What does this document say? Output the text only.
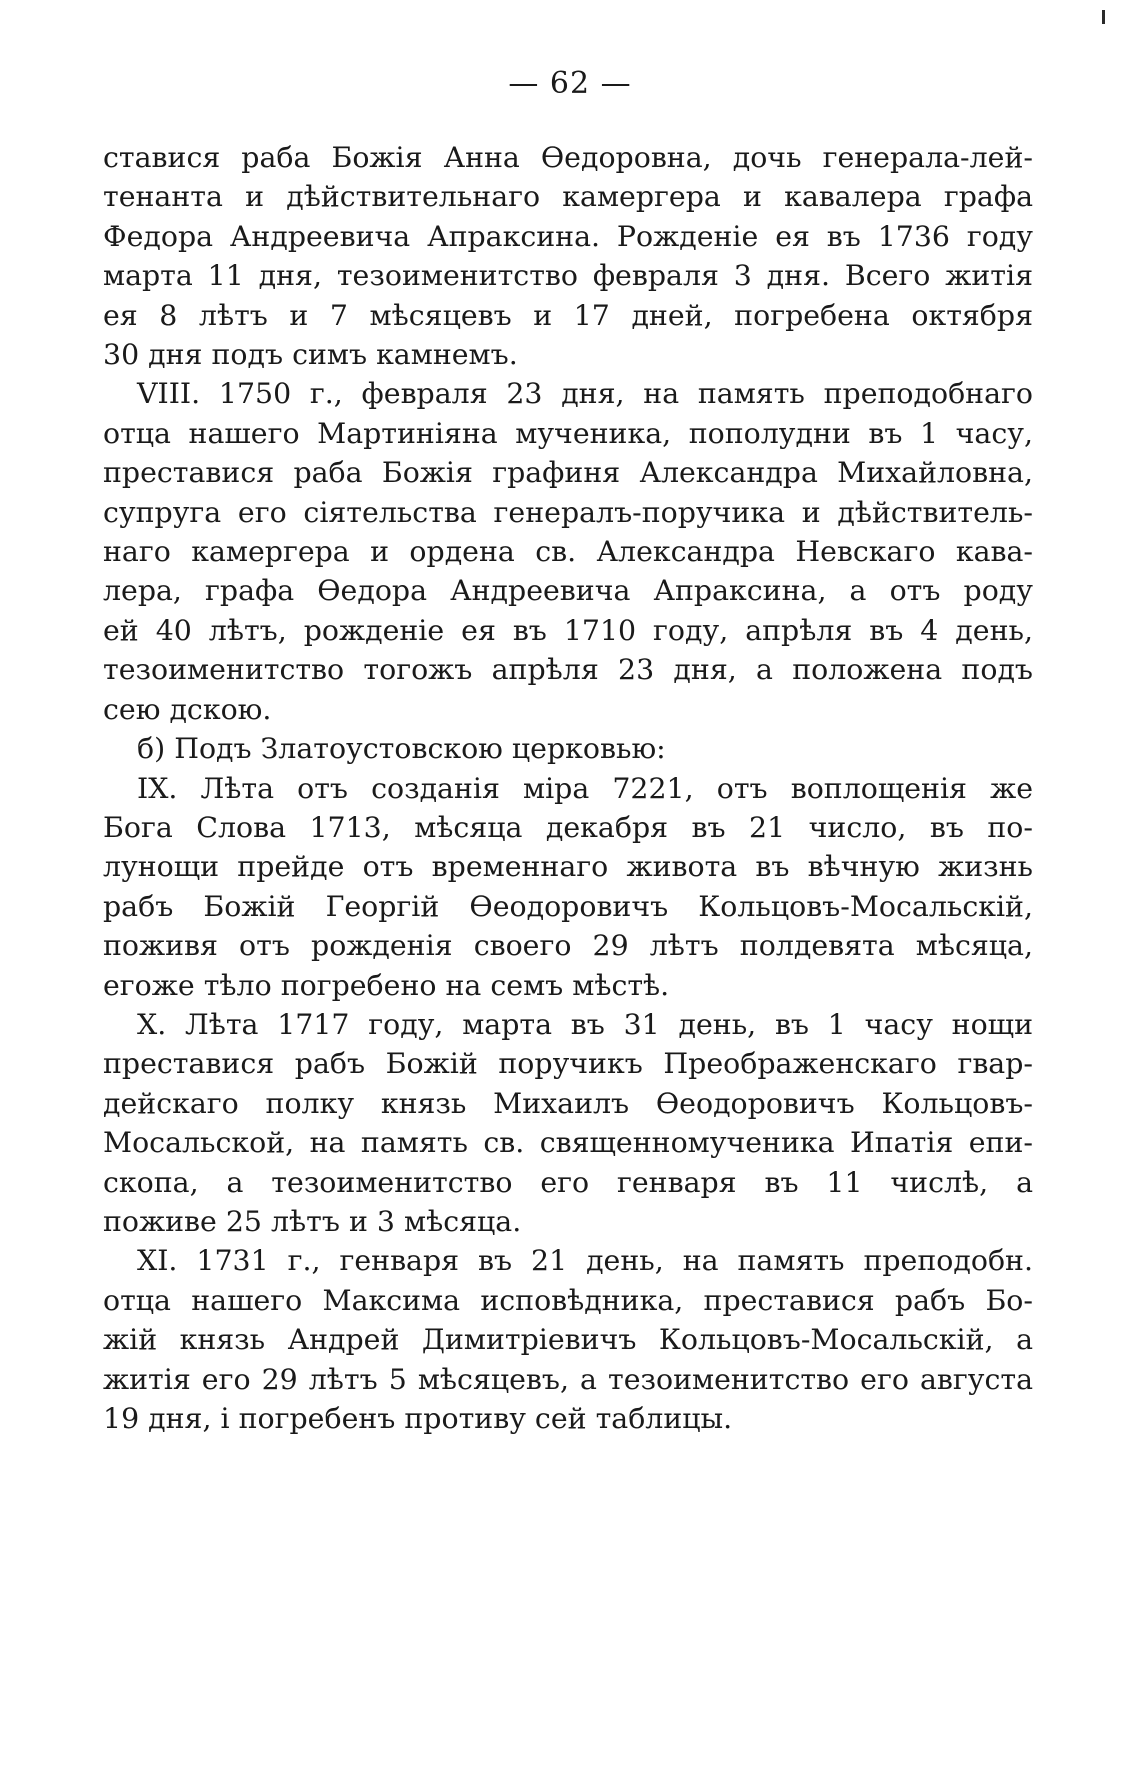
— 62 —
ставися раба Божія Анна Ѳедоровна, дочь генерала-лей-
тенанта и дѣйствительнаго камергера и кавалера графа
Федора Андреевича Апраксина. Рожденіе ея въ 1736 году
марта 11 дня, тезоименитство февраля 3 дня. Всего житія
ея 8 лѣтъ и 7 мѣсяцевъ и 17 дней, погребена октября
30 дня подъ симъ камнемъ.
VIII. 1750 г., февраля 23 дня, на память преподобнаго
отца нашего Мартиніяна мученика, пополудни въ 1 часу,
преставися раба Божія графиня Александра Михайловна,
супруга его сіятельства генералъ-поручика и дѣйствитель-
наго камергера и ордена св. Александра Невскаго кава-
лера, графа Ѳедора Андреевича Апраксина, а отъ роду
ей 40 лѣтъ, рожденіе ея въ 1710 году, апрѣля въ 4 день,
тезоименитство тогожъ апрѣля 23 дня, а положена подъ
сею дскою.
б) Подъ Златоустовскою церковью:
IX. Лѣта отъ созданія міра 7221, отъ воплощенія же
Бога Слова 1713, мѣсяца декабря въ 21 число, въ по-
лунощи прейде отъ временнаго живота въ вѣчную жизнь
рабъ Божій Георгій Ѳеодоровичъ Кольцовъ-Мосальскій,
поживя отъ рожденія своего 29 лѣтъ полдевята мѣсяца,
егоже тѣло погребено на семъ мѣстѣ.
X. Лѣта 1717 году, марта въ 31 день, въ 1 часу нощи
преставися рабъ Божій поручикъ Преображенскаго гвар-
дейскаго полку князь Михаилъ Ѳеодоровичъ Кольцовъ-
Мосальской, на память св. священномученика Ипатія епи-
скопа, а тезоименитство его генваря въ 11 числѣ, а
поживе 25 лѣтъ и 3 мѣсяца.
XI. 1731 г., генваря въ 21 день, на память преподобн.
отца нашего Максима исповѣдника, преставися рабъ Бо-
жій князь Андрей Димитріевичъ Кольцовъ-Мосальскій, а
житія его 29 лѣтъ 5 мѣсяцевъ, а тезоименитство его августа
19 дня, і погребенъ противу сей таблицы.
